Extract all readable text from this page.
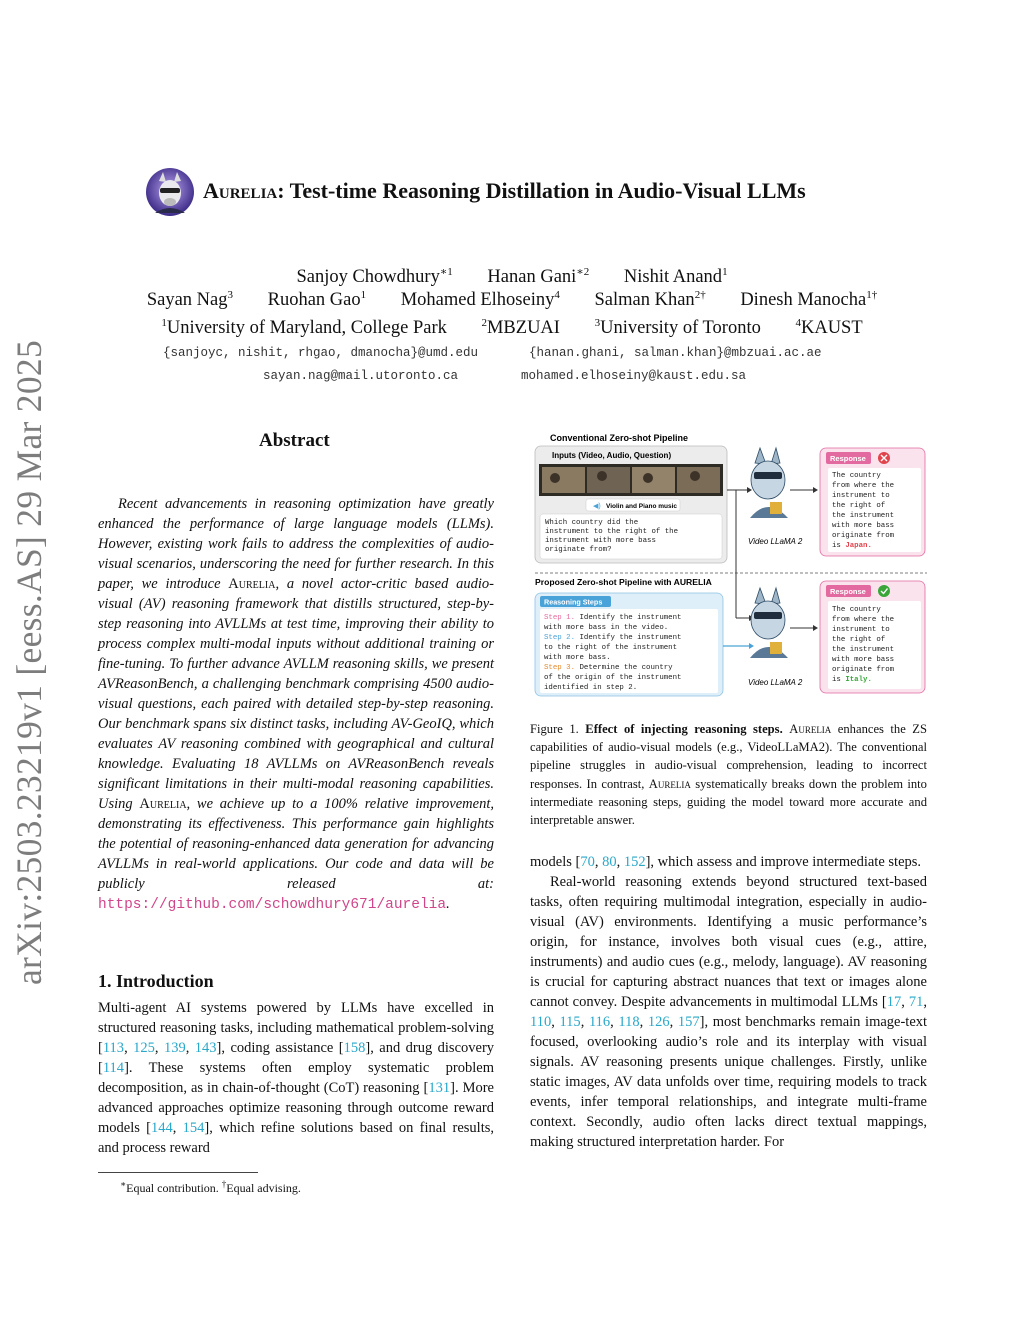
arXiv:2503.23219v1 [eess.AS] 29 Mar 2025
Aurelia: Test-time Reasoning Distillation in Audio-Visual LLMs
Sanjoy Chowdhury$^{∗1}$ Hanan Gani$^{∗2}$ Nishit Anand$^1$
Sayan Nag$^3$ Ruohan Gao$^1$ Mohamed Elhoseiny$^4$ Salman Khan$^{2\dagger}$ Dinesh Manocha$^{1\dagger}$
$^1$University of Maryland, College Park	$^2$MBZUAI	$^3$University of Toronto	$^4$KAUST
{sanjoyc, nishit, rhgao, dmanocha}@umd.edu	{hanan.ghani, salman.khan}@mbzuai.ac.ae
sayan.nag@mail.utoronto.ca	mohamed.elhoseiny@kaust.edu.sa
Abstract
Recent advancements in reasoning optimization have greatly enhanced the performance of large language models (LLMs). However, existing work fails to address the complexities of audio-visual scenarios, underscoring the need for further research. In this paper, we introduce Aurelia, a novel actor-critic based audio-visual (AV) reasoning framework that distills structured, step-by-step reasoning into AVLLMs at test time, improving their ability to process complex multi-modal inputs without additional training or fine-tuning. To further advance AVLLM reasoning skills, we present AVReasonBench, a challenging benchmark comprising 4500 audio-visual questions, each paired with detailed step-by-step reasoning. Our benchmark spans six distinct tasks, including AV-GeoIQ, which evaluates AV reasoning combined with geographical and cultural knowledge. Evaluating 18 AVLLMs on AVReasonBench reveals significant limitations in their multi-modal reasoning capabilities. Using Aurelia, we achieve up to a 100% relative improvement, demonstrating its effectiveness. This performance gain highlights the potential of reasoning-enhanced data generation for advancing AVLLMs in real-world applications. Our code and data will be publicly released at: https://github.com/schowdhury671/aurelia.
1. Introduction
Multi-agent AI systems powered by LLMs have excelled in structured reasoning tasks, including mathematical problem-solving [113, 125, 139, 143], coding assistance [158], and drug discovery [114]. These systems often employ systematic problem decomposition, as in chain-of-thought (CoT) reasoning [131]. More advanced approaches optimize reasoning through outcome reward models [144, 154], which refine solutions based on final results, and process reward
∗Equal contribution. †Equal advising.
Conventional Zero-shot Pipeline
Inputs (Video, Audio, Question)
◀) Violin and Piano music
Which country did the
instrument to the right of the
instrument with more bass
originate from?
Video LLaMA 2
Response
The country
from where the
instrument to
the right of
the instrument
with more bass
originate from
is Japan.
Proposed Zero-shot Pipeline with AURELIA
Reasoning Steps
Step 1. Identify the instrument
with more bass in the video.
Step 2. Identify the instrument
to the right of the instrument
with more bass.
Step 3. Determine the country
of the origin of the instrument
identified in step 2.
Video LLaMA 2
Response
The country
from where the
instrument to
the right of
the instrument
with more bass
originate from
is Italy.
Figure 1. Effect of injecting reasoning steps. Aurelia enhances the ZS capabilities of audio-visual models (e.g., VideoLLaMA2). The conventional pipeline struggles in audio-visual comprehension, leading to incorrect responses. In contrast, Aurelia systematically breaks down the problem into intermediate reasoning steps, guiding the model toward more accurate and interpretable answer.

models [70, 80, 152], which assess and improve intermediate steps.

Real-world reasoning extends beyond structured text-based tasks, often requiring multimodal integration, especially in audio-visual (AV) environments. Identifying a music performance’s origin, for instance, involves both visual cues (e.g., attire, instruments) and audio cues (e.g., melody, language). AV reasoning is crucial for capturing abstract nuances that text or images alone cannot convey. Despite advancements in multimodal LLMs [17, 71, 110, 115, 116, 118, 126, 157], most benchmarks remain image-text focused, overlooking audio’s role and its interplay with visual signals. AV reasoning presents unique challenges. Firstly, unlike static images, AV data unfolds over time, requiring models to track events, infer temporal relationships, and integrate multi-frame context. Secondly, audio often lacks direct textual mappings, making structured interpretation harder. For
